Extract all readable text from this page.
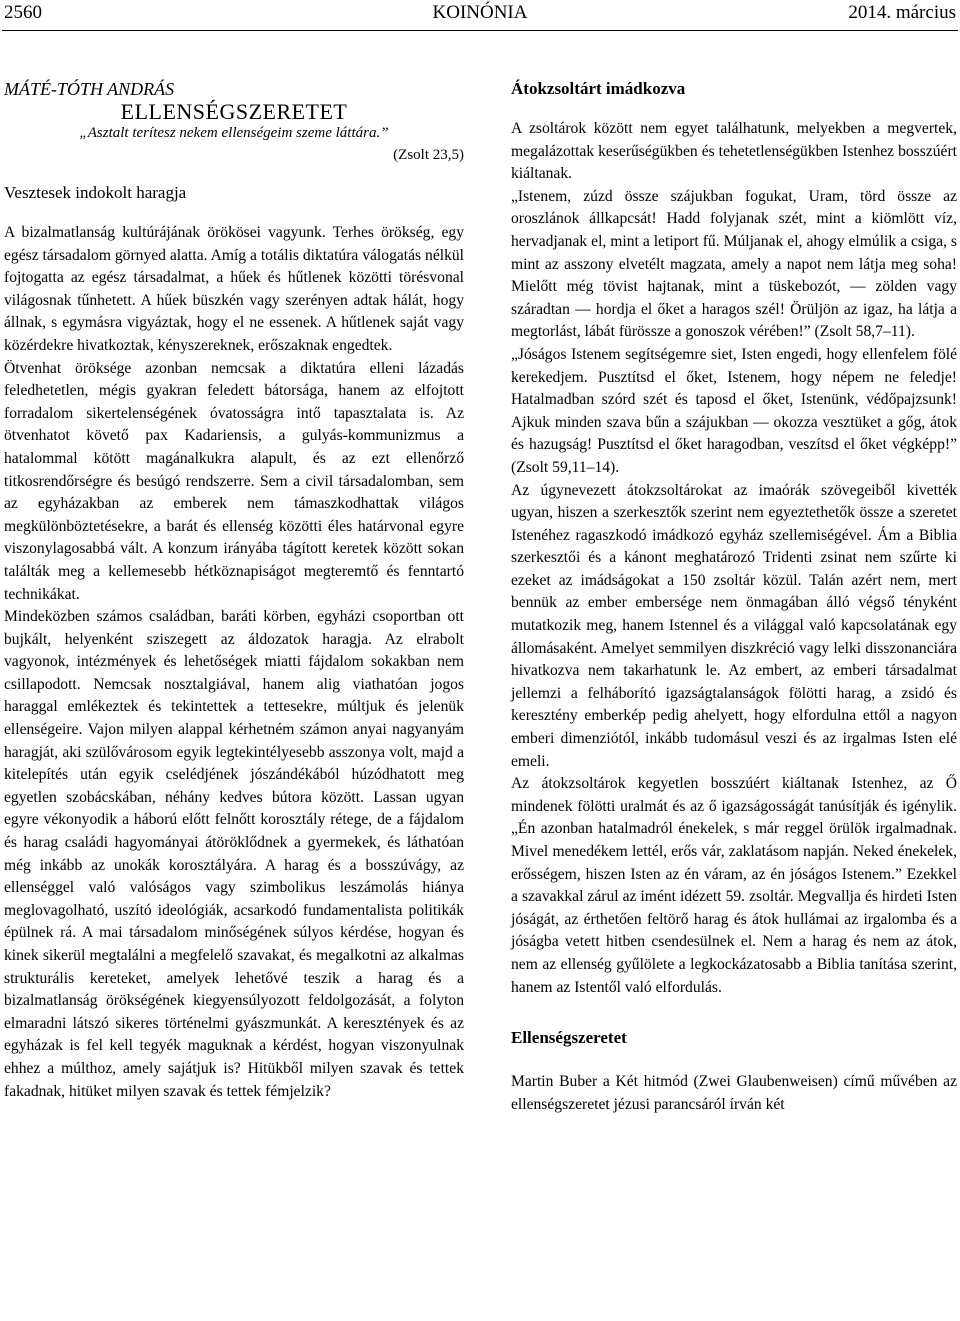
2560	KOINÓNIA	2014. március

MÁTÉ-TÓTH ANDRÁS

ELLENSÉGSZERETET

„Asztalt terítesz nekem ellenségeim szeme láttára.”

(Zsolt 23,5)

Vesztesek indokolt haragja

A bizalmatlanság kultúrájának örökösei vagyunk. Terhes örökség, egy egész társadalom görnyed alatta. Amíg a totális diktatúra válogatás nélkül fojtogatta az egész társadalmat, a hűek és hűtlenek közötti törésvonal világosnak tűnhetett. A hűek büszkén vagy szerényen adtak hálát, hogy állnak, s egymásra vigyáztak, hogy el ne essenek. A hűtlenek saját vagy közérdekre hivatkoztak, kényszereknek, erőszaknak engedtek.

Ötvenhat öröksége azonban nemcsak a diktatúra elleni lázadás feledhetetlen, mégis gyakran feledett bátorsága, hanem az elfojtott forradalom sikertelenségének óvatosságra intő tapasztalata is. Az ötvenhatot követő pax Kadariensis, a gulyás-kommunizmus a hatalommal kötött magánalkukra alapult, és az ezt ellenőrző titkosrendőrségre és besúgó rendszerre. Sem a civil társadalomban, sem az egyházakban az emberek nem támaszkodhattak világos megkülönböztetésekre, a barát és ellenség közötti éles határvonal egyre viszonylagosabbá vált. A konzum irányába tágított keretek között sokan találták meg a kellemesebb hétköznapiságot megteremtő és fenntartó technikákat.

Mindeközben számos családban, baráti körben, egyházi csoportban ott bujkált, helyenként sziszegett az áldozatok haragja. Az elrabolt vagyonok, intézmények és lehetőségek miatti fájdalom sokakban nem csillapodott. Nemcsak nosztalgiával, hanem alig viathatóan jogos haraggal emlékeztek és tekintettek a tettesekre, múltjuk és jelenük ellenségeire. Vajon milyen alappal kérhetném számon anyai nagyanyám haragját, aki szülővárosom egyik legtekintélyesebb asszonya volt, majd a kitelepítés után egyik cselédjének jószándékából húzódhatott meg egyetlen szobácskában, néhány kedves bútora között. Lassan ugyan egyre vékonyodik a háború előtt felnőtt korosztály rétege, de a fájdalom és harag családi hagyományai átöröklődnek a gyermekek, és láthatóan még inkább az unokák korosztályára. A harag és a bosszúvágy, az ellenséggel való valóságos vagy szimbolikus leszámolás hiánya meglovagolható, uszító ideológiák, acsarkodó fundamentalista politikák épülnek rá. A mai társadalom minőségének súlyos kérdése, hogyan és kinek sikerül megtalálni a megfelelő szavakat, és megalkotni az alkalmas strukturális kereteket, amelyek lehetővé teszik a harag és a bizalmatlanság örökségének kiegyensúlyozott feldolgozását, a folyton elmaradni látszó sikeres történelmi gyászmunkát. A keresztények és az egyházak is fel kell tegyék maguknak a kérdést, hogyan viszonyulnak ehhez a múlthoz, amely sajátjuk is? Hitükből milyen szavak és tettek fakadnak, hitüket milyen szavak és tettek fémjelzik?

Átokzsoltárt imádkozva

A zsoltárok között nem egyet találhatunk, melyekben a megvertek, megalázottak keserűségükben és tehetetlenségükben Istenhez bosszúért kiáltanak.

„Istenem, zúzd össze szájukban fogukat, Uram, törd össze az oroszlánok állkapcsát! Hadd folyjanak szét, mint a kiömlött víz, hervadjanak el, mint a letiport fű. Múljanak el, ahogy elmúlik a csiga, s mint az asszony elvetélt magzata, amely a napot nem látja meg soha! Mielőtt még tövist hajtanak, mint a tüskebozót, — zölden vagy száradtan — hordja el őket a haragos szél! Örüljön az igaz, ha látja a megtorlást, lábát fürössze a gonoszok vérében!” (Zsolt 58,7–11).

„Jóságos Istenem segítségemre siet, Isten engedi, hogy ellenfelem fölé kerekedjem. Pusztítsd el őket, Istenem, hogy népem ne feledje! Hatalmadban szórd szét és taposd el őket, Istenünk, védőpajzsunk! Ajkuk minden szava bűn a szájukban — okozza vesztüket a gőg, átok és hazugság! Pusztítsd el őket haragodban, veszítsd el őket végképp!” (Zsolt 59,11–14).

Az úgynevezett átokzsoltárokat az imaórák szövegeiből kivették ugyan, hiszen a szerkesztők szerint nem egyeztethetők össze a szeretet Istenéhez ragaszkodó imádkozó egyház szellemiségével. Ám a Biblia szerkesztői és a kánont meghatározó Tridenti zsinat nem szűrte ki ezeket az imádságokat a 150 zsoltár közül. Talán azért nem, mert bennük az ember embersége nem önmagában álló végső tényként mutatkozik meg, hanem Istennel és a világgal való kapcsolatának egy állomásaként. Amelyet semmilyen diszkréció vagy lelki disszonanciára hivatkozva nem takarhatunk le. Az embert, az emberi társadalmat jellemzi a felháborító igazságtalanságok fölötti harag, a zsidó és keresztény emberkép pedig ahelyett, hogy elfordulna ettől a nagyon emberi dimenziótól, inkább tudomásul veszi és az irgalmas Isten elé emeli.

Az átokzsoltárok kegyetlen bosszúért kiáltanak Istenhez, az Ő mindenek fölötti uralmát és az ő igazságosságát tanúsítják és igénylik. „Én azonban hatalmadról énekelek, s már reggel örülök irgalmadnak. Mivel menedékem lettél, erős vár, zaklatásom napján. Neked énekelek, erősségem, hiszen Isten az én váram, az én jóságos Istenem.” Ezekkel a szavakkal zárul az imént idézett 59. zsoltár. Megvallja és hirdeti Isten jóságát, az érthetően feltörő harag és átok hullámai az irgalomba és a jóságba vetett hitben csendesülnek el. Nem a harag és nem az átok, nem az ellenség gyűlölete a legkockázatosabb a Biblia tanítása szerint, hanem az Istentől való elfordulás.

Ellenségszeretet

Martin Buber a Két hitmód (Zwei Glaubenweisen) című művében az ellenségszeretet jézusi parancsáról írván két
